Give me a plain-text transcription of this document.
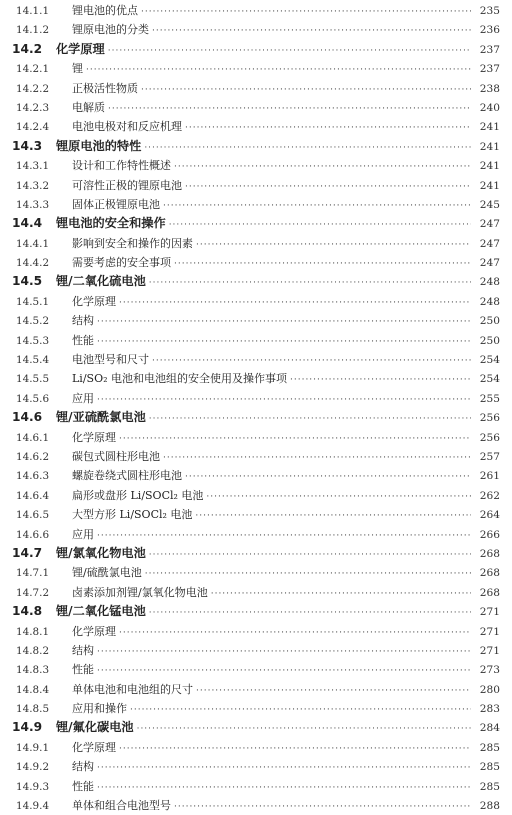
14.1.1	锂电池的优点 ·····	235
14.1.2	锂原电池的分类 ·····	236
14.2	化学原理 ·····	237
14.2.1	锂 ·····	237
14.2.2	正极活性物质 ·····	238
14.2.3	电解质 ·····	240
14.2.4	电池电极对和反应机理 ·····	241
14.3	锂原电池的特性 ·····	241
14.3.1	设计和工作特性概述 ·····	241
14.3.2	可溶性正极的锂原电池 ·····	241
14.3.3	固体正极锂原电池 ·····	245
14.4	锂电池的安全和操作 ·····	247
14.4.1	影响到安全和操作的因素 ·····	247
14.4.2	需要考虑的安全事项 ·····	247
14.5	锂/二氧化硫电池 ·····	248
14.5.1	化学原理 ·····	248
14.5.2	结构 ·····	250
14.5.3	性能 ·····	250
14.5.4	电池型号和尺寸 ·····	254
14.5.5	Li/SO₂ 电池和电池组的安全使用及操作事项 ·····	254
14.5.6	应用 ·····	255
14.6	锂/亚硫酰氯电池 ·····	256
14.6.1	化学原理 ·····	256
14.6.2	碳包式圆柱形电池 ·····	257
14.6.3	螺旋卷绕式圆柱形电池 ·····	261
14.6.4	扁形或盘形 Li/SOCl₂ 电池 ·····	262
14.6.5	大型方形 Li/SOCl₂ 电池 ·····	264
14.6.6	应用 ·····	266
14.7	锂/氯氧化物电池 ·····	268
14.7.1	锂/硫酰氯电池 ·····	268
14.7.2	卤素添加剂锂/氯氧化物电池 ·····	268
14.8	锂/二氧化锰电池 ·····	271
14.8.1	化学原理 ·····	271
14.8.2	结构 ·····	271
14.8.3	性能 ·····	273
14.8.4	单体电池和电池组的尺寸 ·····	280
14.8.5	应用和操作 ·····	283
14.9	锂/氟化碳电池 ·····	284
14.9.1	化学原理 ·····	285
14.9.2	结构 ·····	285
14.9.3	性能 ·····	285
14.9.4	单体和组合电池型号 ·····	288
